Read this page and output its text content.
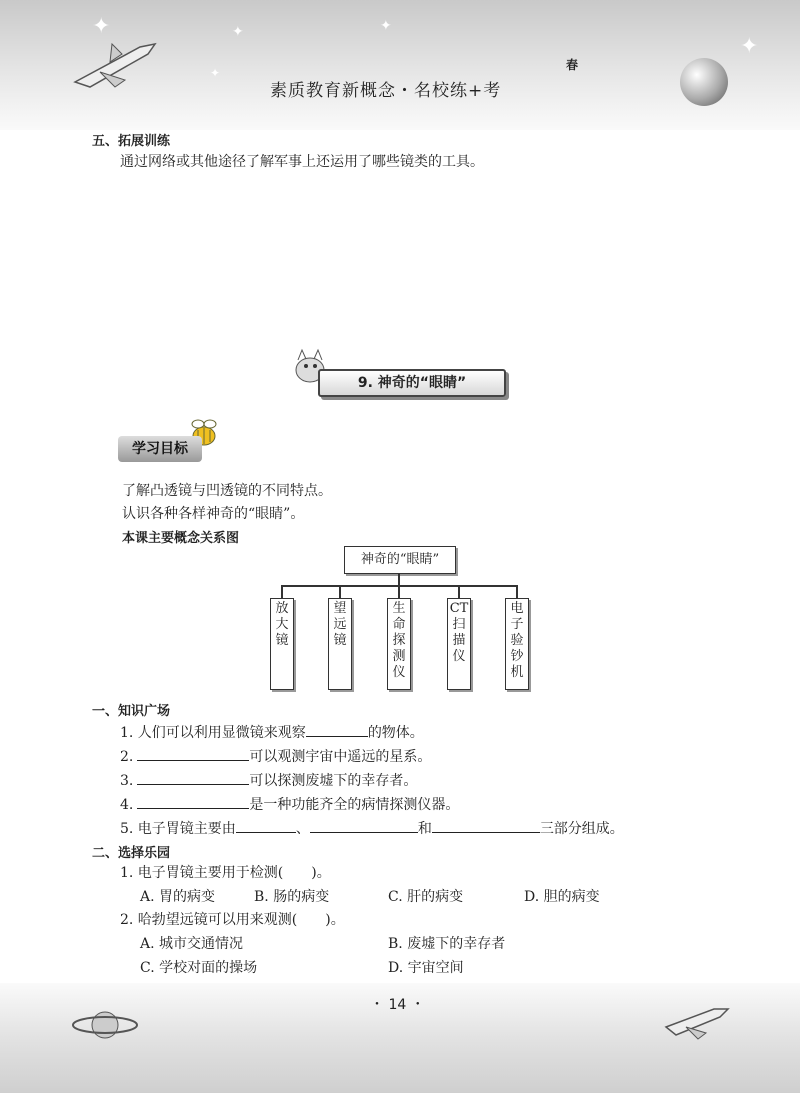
✦	✦	✦
✦
✦
素质教育新概念・名校练+考
春
五、拓展训练
通过网络或其他途径了解军事上还运用了哪些镜类的工具。
9. 神奇的“眼睛”
学习目标
了解凸透镜与凹透镜的不同特点。
认识各种各样神奇的“眼睛”。
本课主要概念关系图
神奇的“眼睛”
放大镜
望远镜
生命探测仪
CT扫描仪
电子验钞机
一、知识广场
1. 人们可以利用显微镜来观察	的物体。
2.	可以观测宇宙中遥远的星系。
3.	可以探测废墟下的幸存者。
4.	是一种功能齐全的病情探测仪器。
5. 电子胃镜主要由	、	和	三部分组成。
二、选择乐园
1. 电子胃镜主要用于检测(　　)。
A. 胃的病变	B. 肠的病变	C. 肝的病变	D. 胆的病变
2. 哈勃望远镜可以用来观测(　　)。
A. 城市交通情况	B. 废墟下的幸存者
C. 学校对面的操场	D. 宇宙空间
・ 14 ・
